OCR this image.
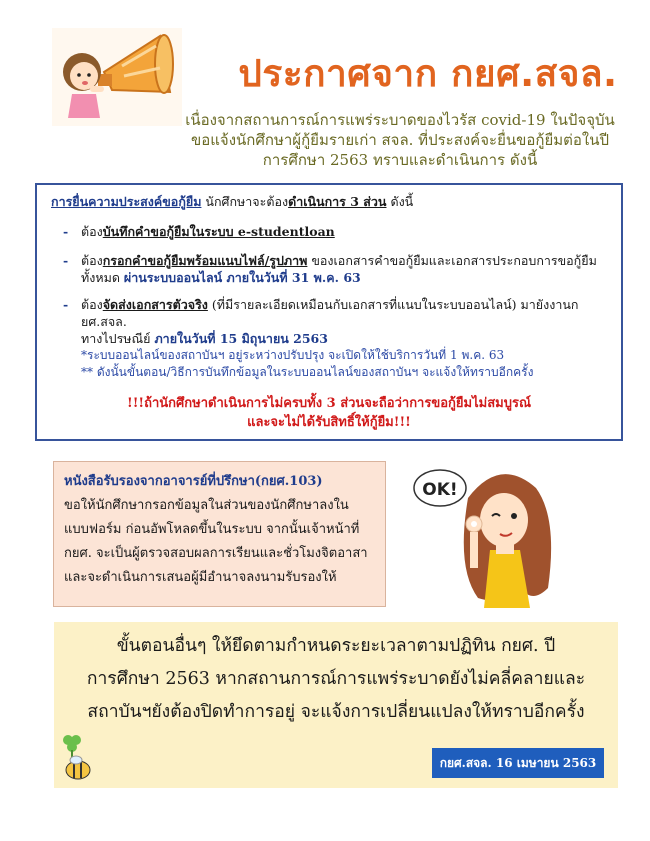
ประกาศจาก กยศ.สจล.
เนื่องจากสถานการณ์การแพร่ระบาดของไวรัส covid-19 ในปัจจุบัน
ขอแจ้งนักศึกษาผู้กู้ยืมรายเก่า สจล. ที่ประสงค์จะยื่นขอกู้ยืมต่อในปี
การศึกษา 2563 ทราบและดำเนินการ ดังนี้
การยื่นความประสงค์ขอกู้ยืม นักศึกษาจะต้องดำเนินการ 3 ส่วน ดังนี้
- ต้องบันทึกคำขอกู้ยืมในระบบ e-studentloan
- ต้องกรอกคำขอกู้ยืมพร้อมแนบไฟล์/รูปภาพ ของเอกสารคำขอกู้ยืมและเอกสารประกอบการขอกู้ยืม
ทั้งหมด ผ่านระบบออนไลน์ ภายในวันที่ 31 พ.ค. 63
- ต้องจัดส่งเอกสารตัวจริง (ที่มีรายละเอียดเหมือนกับเอกสารที่แนบในระบบออนไลน์) มายังงานกยศ.สจล.
ทางไปรษณีย์ ภายในวันที่ 15 มิถุนายน 2563
*ระบบออนไลน์ของสถาบันฯ อยู่ระหว่างปรับปรุง จะเปิดให้ใช้บริการวันที่ 1 พ.ค. 63
** ดังนั้นขั้นตอน/วิธีการบันทึกข้อมูลในระบบออนไลน์ของสถาบันฯ จะแจ้งให้ทราบอีกครั้ง
!!!ถ้านักศึกษาดำเนินการไม่ครบทั้ง 3 ส่วนจะถือว่าการขอกู้ยืมไม่สมบูรณ์
และจะไม่ได้รับสิทธิ์ให้กู้ยืม!!!
หนังสือรับรองจากอาจารย์ที่ปรึกษา(กยศ.103)
ขอให้นักศึกษากรอกข้อมูลในส่วนของนักศึกษาลงใน
แบบฟอร์ม ก่อนอัพโหลดขึ้นในระบบ จากนั้นเจ้าหน้าที่
กยศ. จะเป็นผู้ตรวจสอบผลการเรียนและชั่วโมงจิตอาสา
และจะดำเนินการเสนอผู้มีอำนาจลงนามรับรองให้
OK!
ขั้นตอนอื่นๆ ให้ยึดตามกำหนดระยะเวลาตามปฏิทิน กยศ. ปี
การศึกษา 2563 หากสถานการณ์การแพร่ระบาดยังไม่คลี่คลายและ
สถาบันฯยังต้องปิดทำการอยู่ จะแจ้งการเปลี่ยนแปลงให้ทราบอีกครั้ง
กยศ.สจล. 16 เมษายน 2563
